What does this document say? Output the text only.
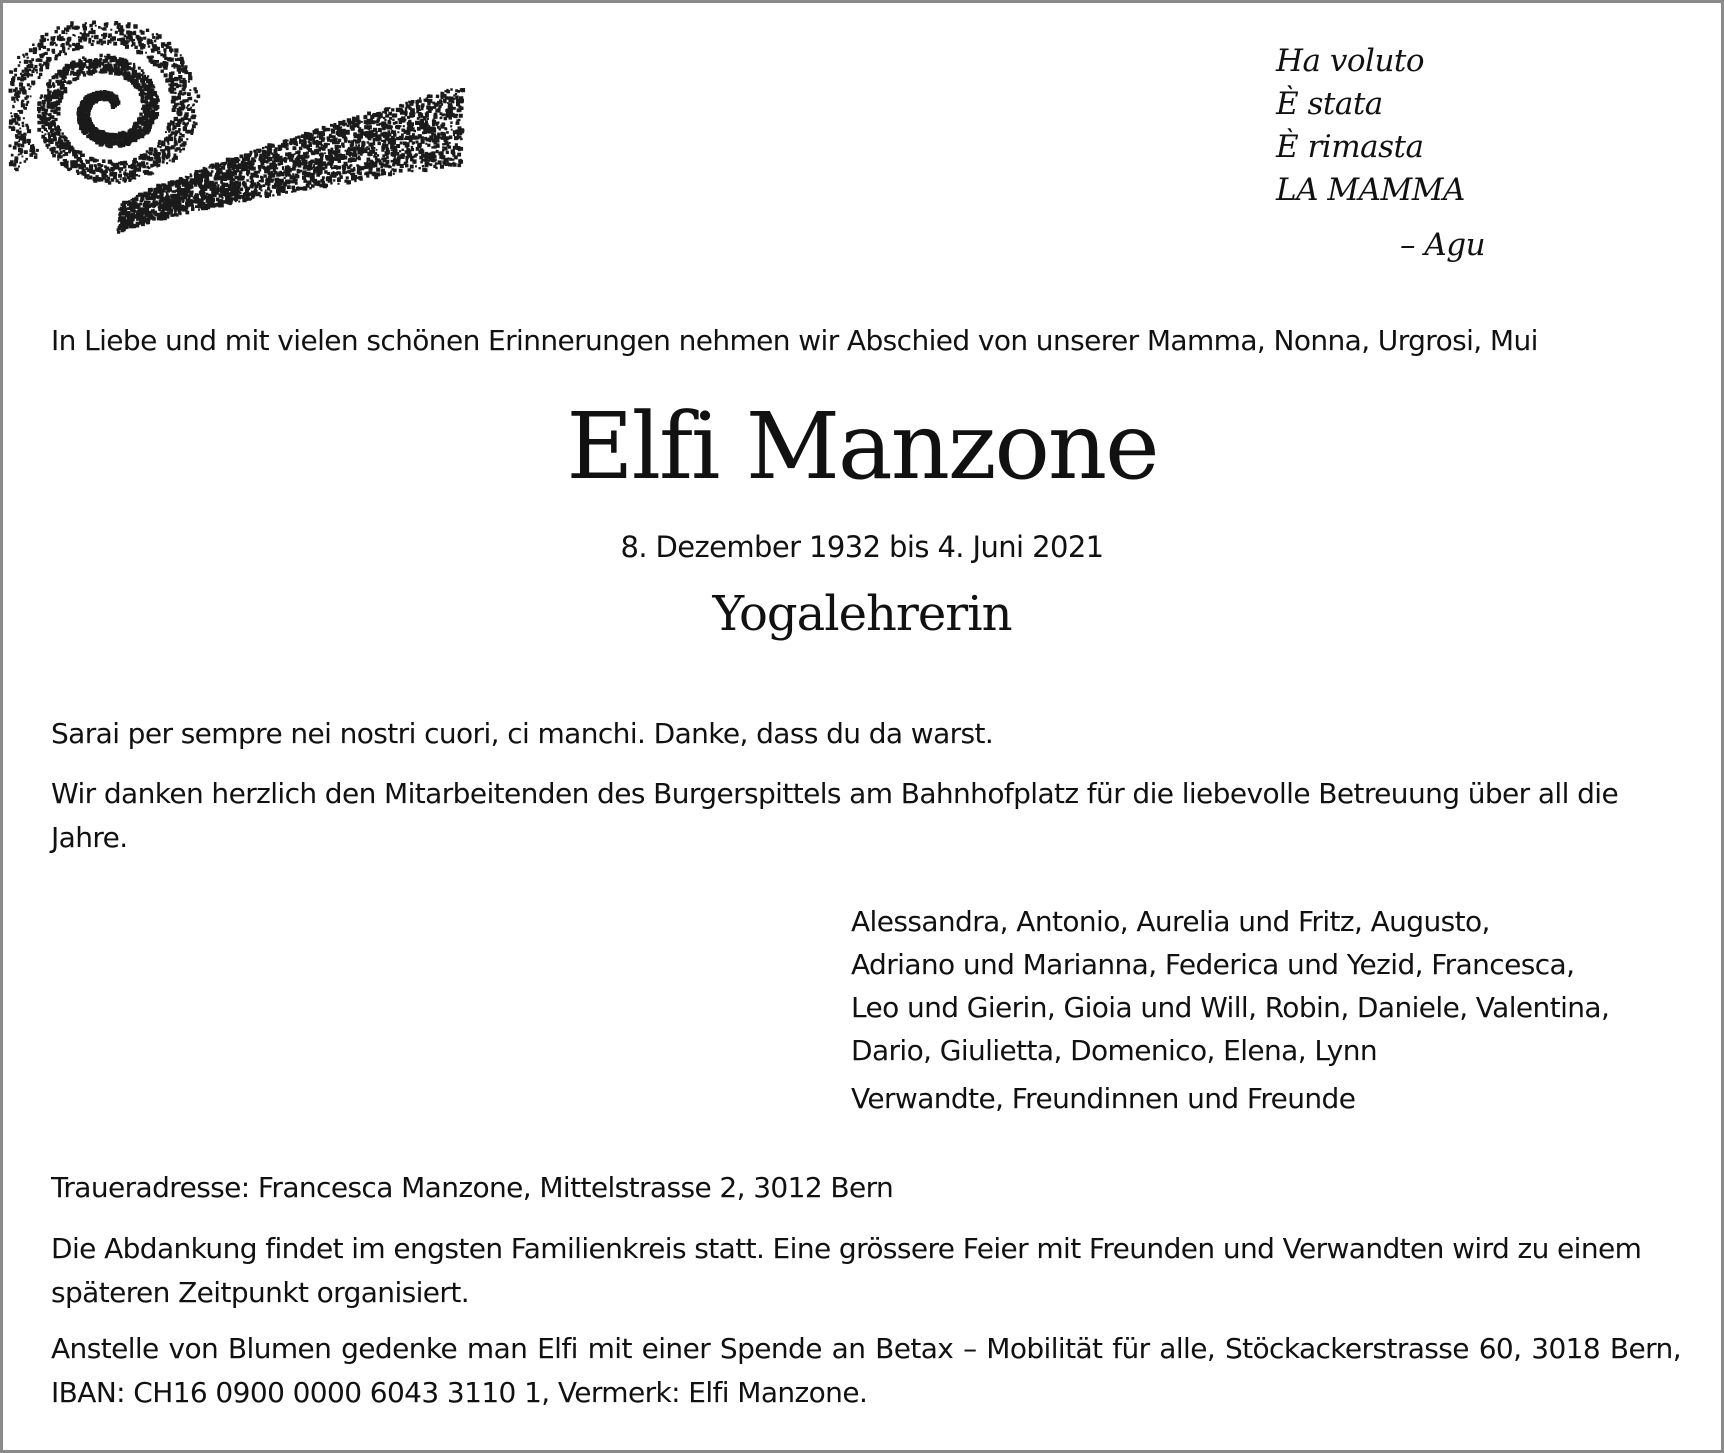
Ha voluto
È stata
È rimasta
LA MAMMA
– Agu
In Liebe und mit vielen schönen Erinnerungen nehmen wir Abschied von unserer Mamma, Nonna, Urgrosi, Mui
Elfi Manzone
8. Dezember 1932 bis 4. Juni 2021
Yogalehrerin
Sarai per sempre nei nostri cuori, ci manchi. Danke, dass du da warst.
Wir danken herzlich den Mitarbeitenden des Burgerspittels am Bahnhofplatz für die liebevolle Betreuung über all die Jahre.
Alessandra, Antonio, Aurelia und Fritz, Augusto,
Adriano und Marianna, Federica und Yezid, Francesca,
Leo und Gierin, Gioia und Will, Robin, Daniele, Valentina,
Dario, Giulietta, Domenico, Elena, Lynn
Verwandte, Freundinnen und Freunde
Traueradresse: Francesca Manzone, Mittelstrasse 2, 3012 Bern
Die Abdankung findet im engsten Familienkreis statt. Eine grössere Feier mit Freunden und Verwandten wird zu einem späteren Zeitpunkt organisiert.
Anstelle von Blumen gedenke man Elfi mit einer Spende an Betax – Mobilität für alle, Stöckackerstrasse 60, 3018 Bern, IBAN: CH16 0900 0000 6043 3110 1, Vermerk: Elfi Manzone.
